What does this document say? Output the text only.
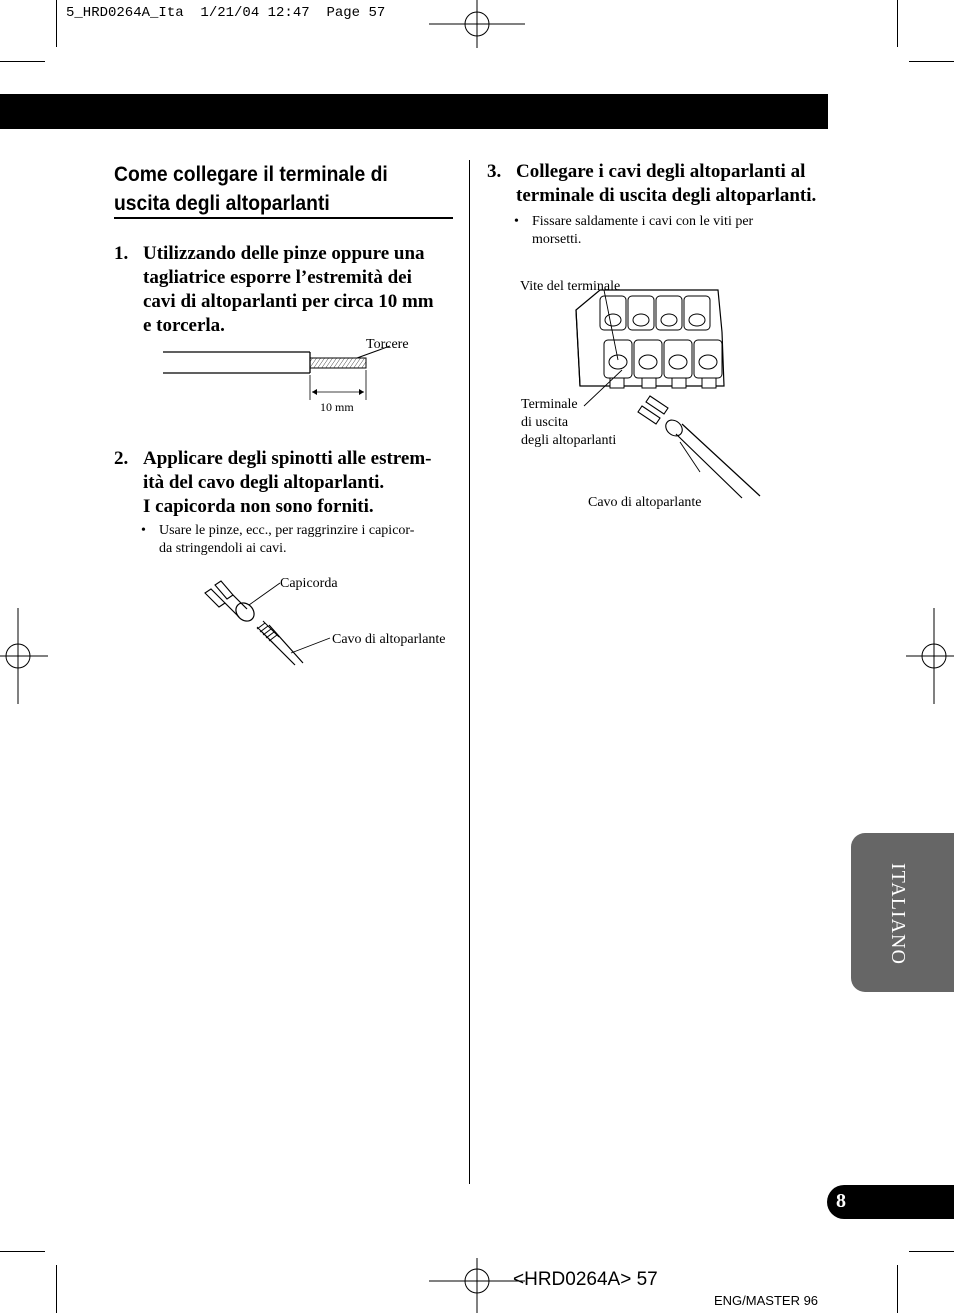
5_HRD0264A_Ita  1/21/04 12:47  Page 57
Come collegare il terminale di
uscita degli altoparlanti
1. Utilizzando delle pinze oppure una
tagliatrice esporre l’estremità dei
cavi di altoparlanti per circa 10 mm
e torcerla.
Torcere
10 mm
2. Applicare degli spinotti alle estrem-
ità del cavo degli altoparlanti.
I capicorda non sono forniti.
• Usare le pinze, ecc., per raggrinzire i capicor-
da stringendoli ai cavi.
Capicorda
Cavo di altoparlante
3. Collegare i cavi degli altoparlanti al
terminale di uscita degli altoparlanti.
• Fissare saldamente i cavi con le viti per
morsetti.
Vite del terminale
Terminale
di uscita
degli altoparlanti
Cavo di altoparlante
ITALIANO
8
<HRD0264A> 57
ENG/MASTER 96
